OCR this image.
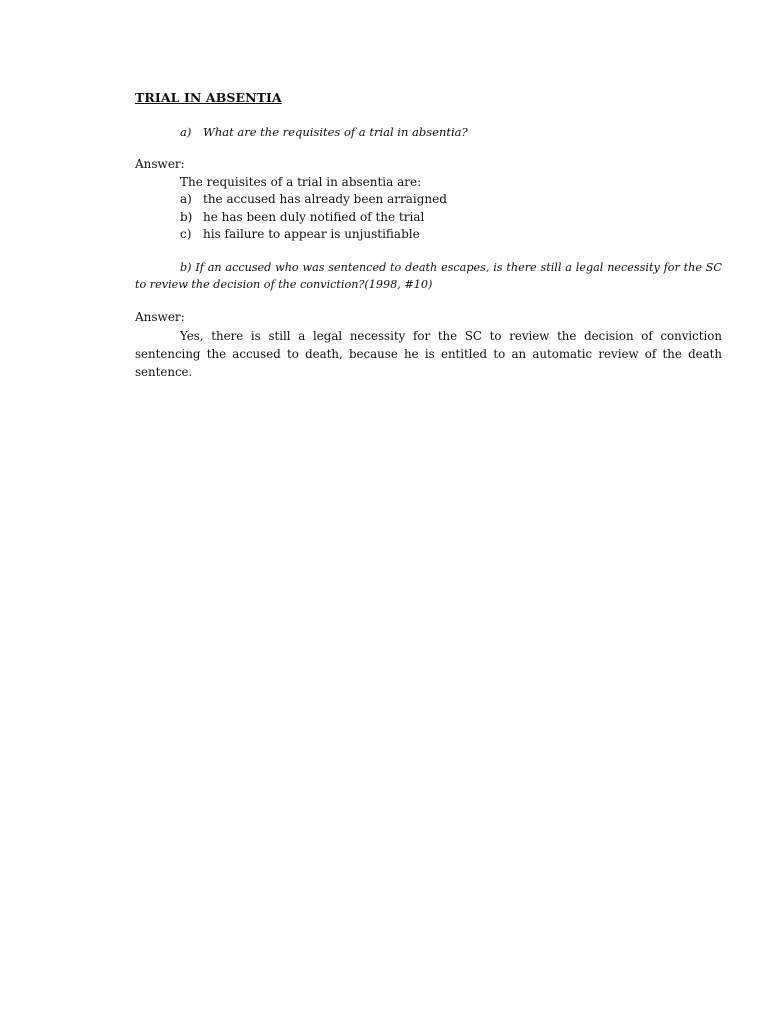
TRIAL IN ABSENTIA
a) What are the requisites of a trial in absentia?
Answer:
The requisites of a trial in absentia are:
a) the accused has already been arraigned
b) he has been duly notified of the trial
c) his failure to appear is unjustifiable
b) If an accused who was sentenced to death escapes, is there still a legal necessity for the SC to review the decision of the conviction?(1998, #10)
Answer:
Yes, there is still a legal necessity for the SC to review the decision of conviction sentencing the accused to death, because he is entitled to an automatic review of the death sentence.
